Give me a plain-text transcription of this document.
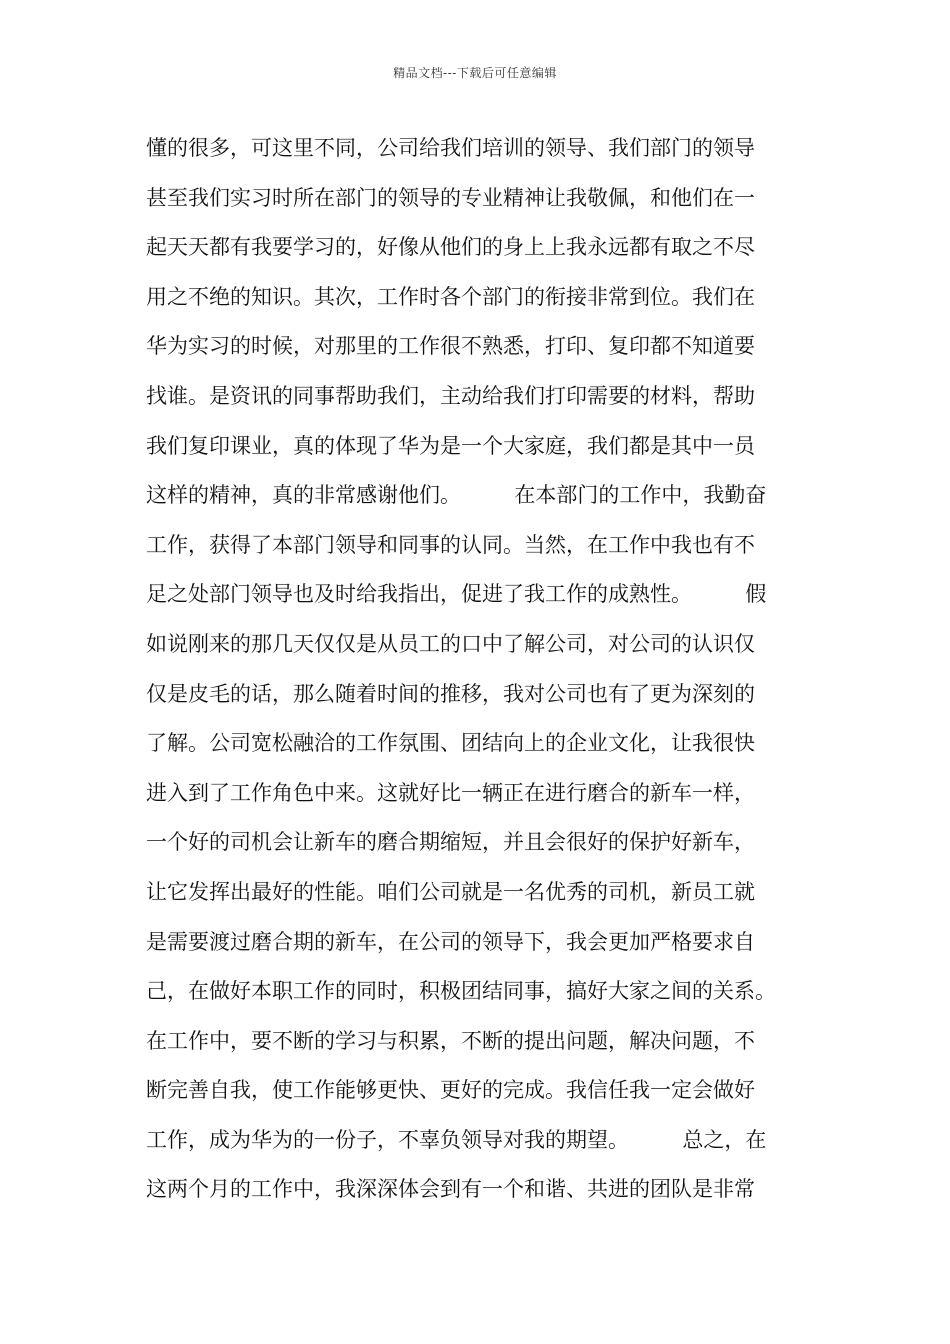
精品文档---下载后可任意编辑
懂的很多，可这里不同，公司给我们培训的领导、我们部门的领导
甚至我们实习时所在部门的领导的专业精神让我敬佩，和他们在一
起天天都有我要学习的，好像从他们的身上上我永远都有取之不尽
用之不绝的知识。其次，工作时各个部门的衔接非常到位。我们在
华为实习的时候，对那里的工作很不熟悉，打印、复印都不知道要
找谁。是资讯的同事帮助我们，主动给我们打印需要的材料，帮助
我们复印课业，真的体现了华为是一个大家庭，我们都是其中一员
这样的精神，真的非常感谢他们。        在本部门的工作中，我勤奋
工作，获得了本部门领导和同事的认同。当然，在工作中我也有不
足之处部门领导也及时给我指出，促进了我工作的成熟性。        假
如说刚来的那几天仅仅是从员工的口中了解公司，对公司的认识仅
仅是皮毛的话，那么随着时间的推移，我对公司也有了更为深刻的
了解。公司宽松融洽的工作氛围、团结向上的企业文化，让我很快
进入到了工作角色中来。这就好比一辆正在进行磨合的新车一样，
一个好的司机会让新车的磨合期缩短，并且会很好的保护好新车，
让它发挥出最好的性能。咱们公司就是一名优秀的司机，新员工就
是需要渡过磨合期的新车，在公司的领导下，我会更加严格要求自
己，在做好本职工作的同时，积极团结同事，搞好大家之间的关系。
在工作中，要不断的学习与积累，不断的提出问题，解决问题，不
断完善自我，使工作能够更快、更好的完成。我信任我一定会做好
工作，成为华为的一份子，不辜负领导对我的期望。        总之，在
这两个月的工作中，我深深体会到有一个和谐、共进的团队是非常
